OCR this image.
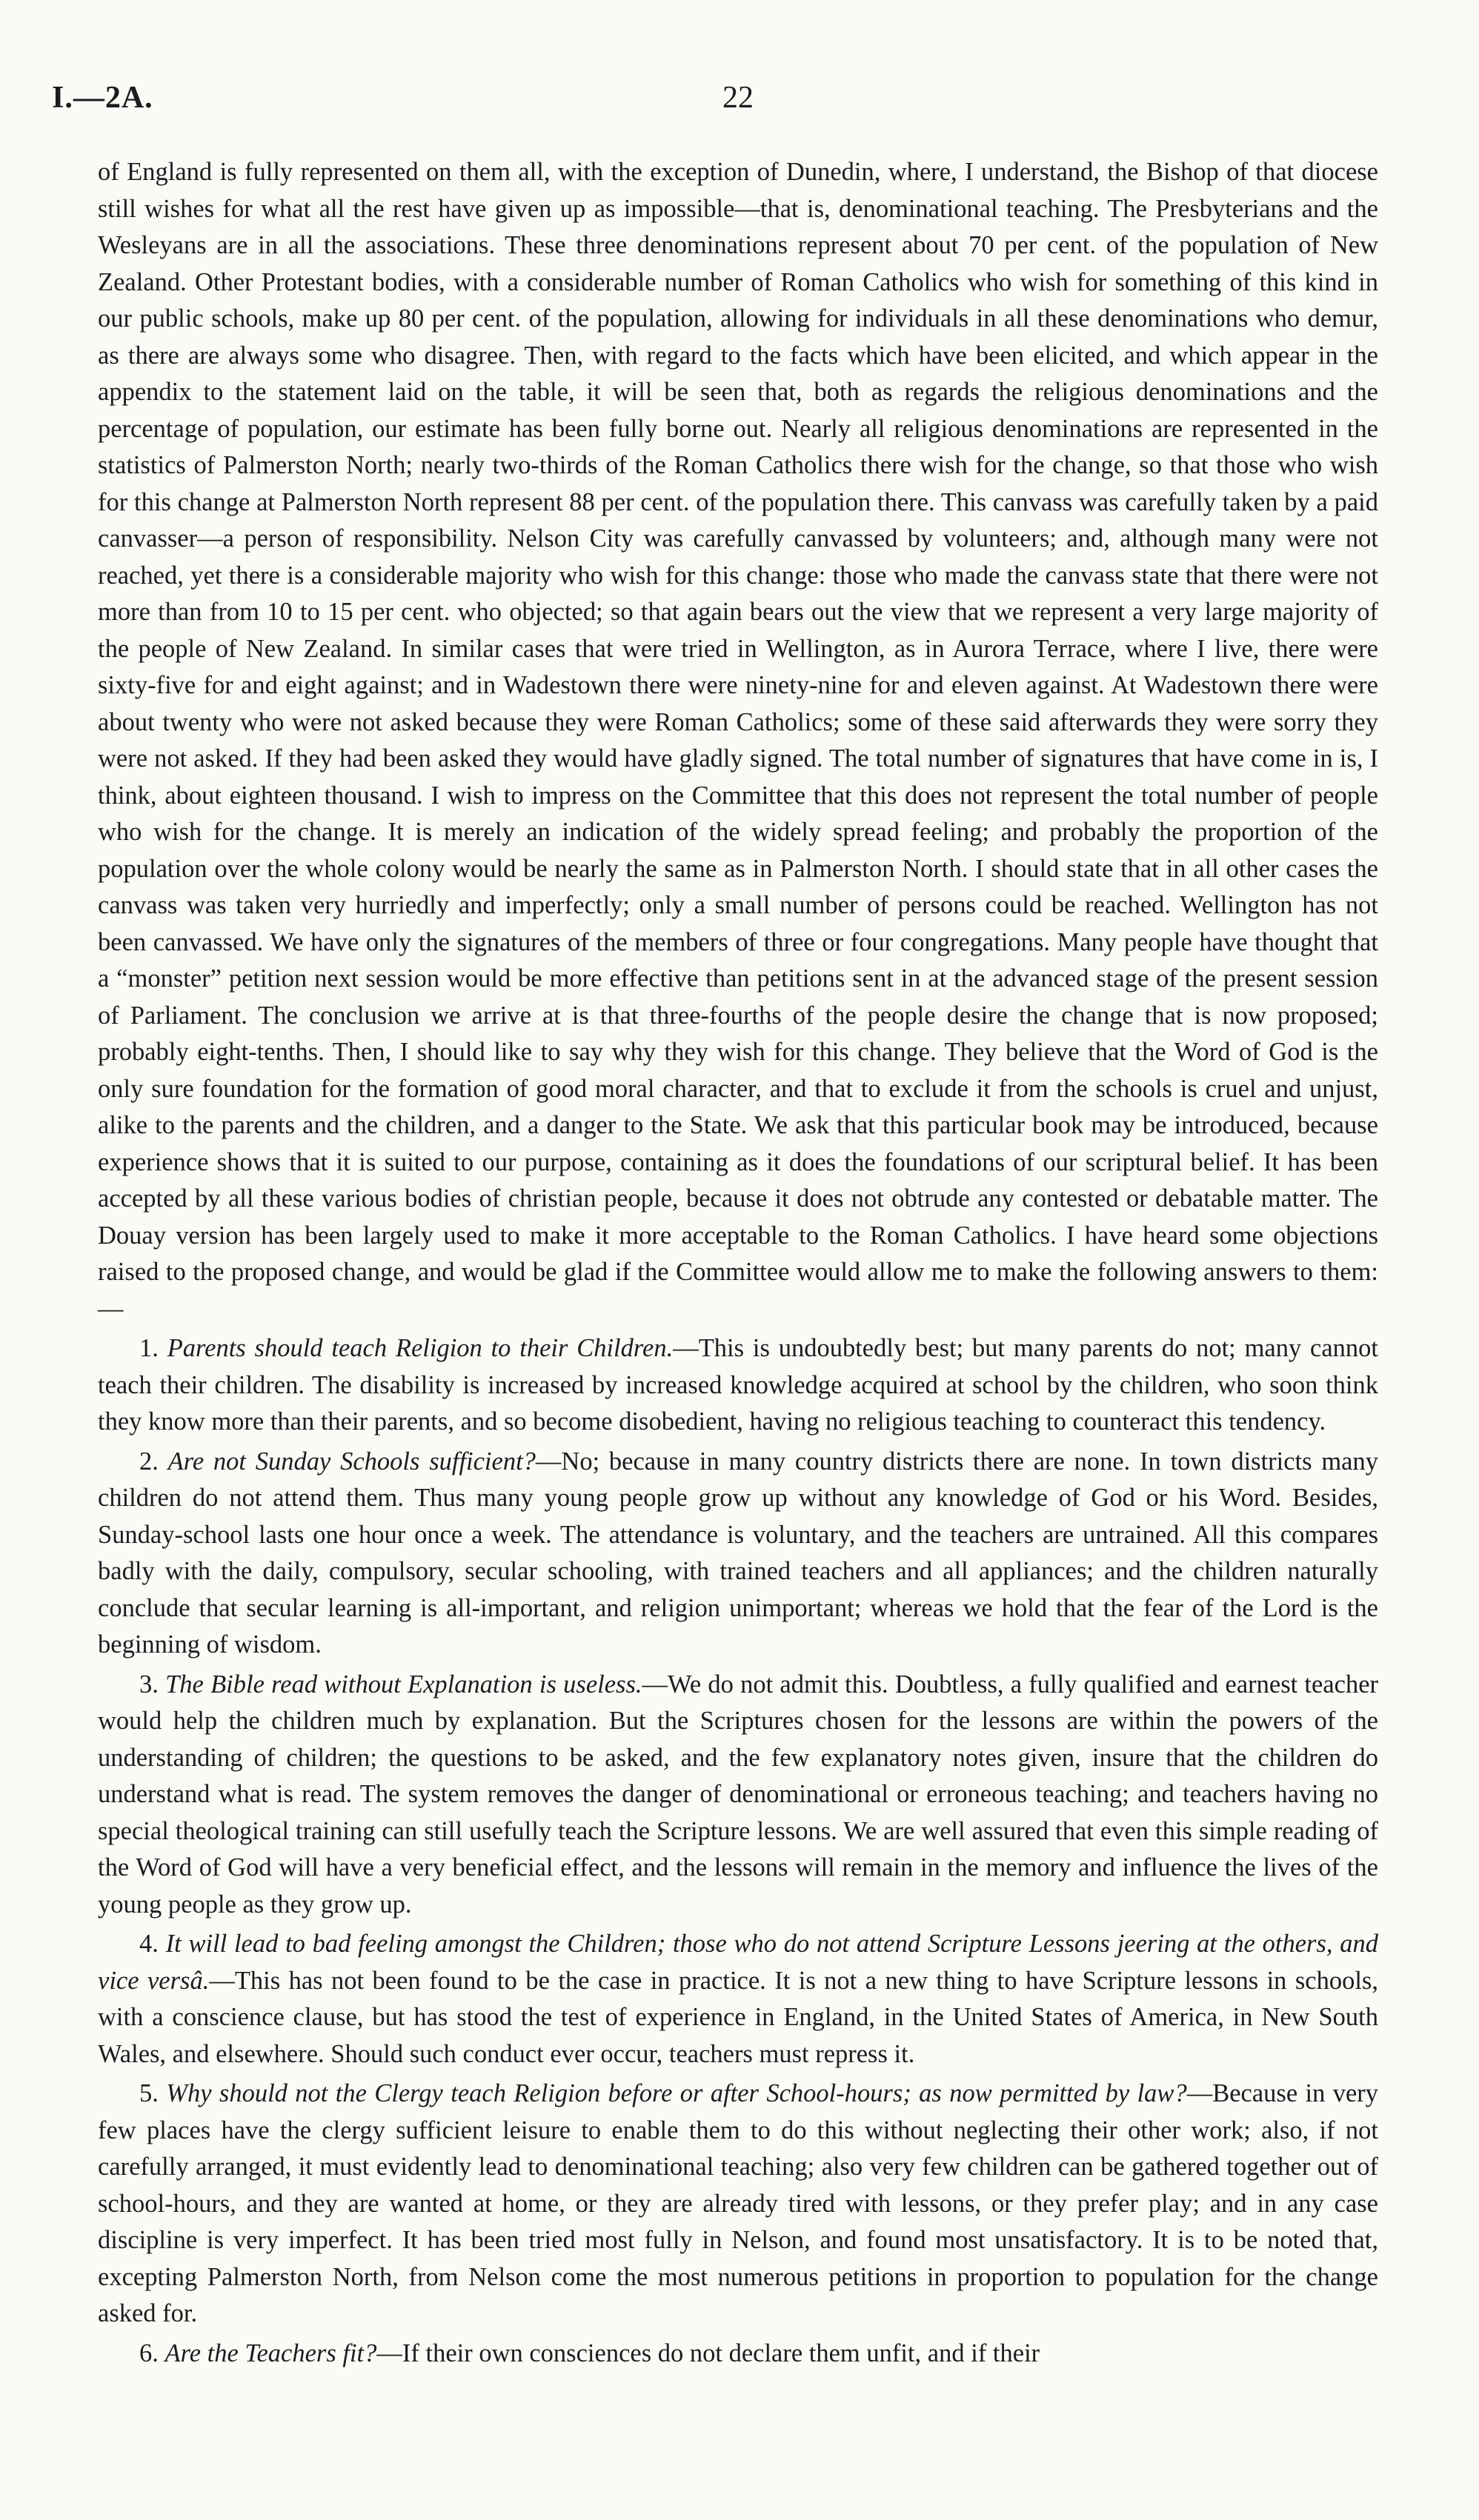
I.—2A.	22

of England is fully represented on them all, with the exception of Dunedin, where, I understand, the Bishop of that diocese still wishes for what all the rest have given up as impossible—that is, denominational teaching. The Presbyterians and the Wesleyans are in all the associations. These three denominations represent about 70 per cent. of the population of New Zealand. Other Protestant bodies, with a considerable number of Roman Catholics who wish for something of this kind in our public schools, make up 80 per cent. of the population, allowing for individuals in all these denominations who demur, as there are always some who disagree. Then, with regard to the facts which have been elicited, and which appear in the appendix to the statement laid on the table, it will be seen that, both as regards the religious denominations and the percentage of population, our estimate has been fully borne out. Nearly all religious denominations are represented in the statistics of Palmerston North; nearly two-thirds of the Roman Catholics there wish for the change, so that those who wish for this change at Palmerston North represent 88 per cent. of the population there. This canvass was carefully taken by a paid canvasser—a person of responsibility. Nelson City was carefully canvassed by volunteers; and, although many were not reached, yet there is a considerable majority who wish for this change: those who made the canvass state that there were not more than from 10 to 15 per cent. who objected; so that again bears out the view that we represent a very large majority of the people of New Zealand. In similar cases that were tried in Wellington, as in Aurora Terrace, where I live, there were sixty-five for and eight against; and in Wadestown there were ninety-nine for and eleven against. At Wadestown there were about twenty who were not asked because they were Roman Catholics; some of these said afterwards they were sorry they were not asked. If they had been asked they would have gladly signed. The total number of signatures that have come in is, I think, about eighteen thousand. I wish to impress on the Committee that this does not represent the total number of people who wish for the change. It is merely an indication of the widely spread feeling; and probably the proportion of the population over the whole colony would be nearly the same as in Palmerston North. I should state that in all other cases the canvass was taken very hurriedly and imperfectly; only a small number of persons could be reached. Wellington has not been canvassed. We have only the signatures of the members of three or four congregations. Many people have thought that a “monster” petition next session would be more effective than petitions sent in at the advanced stage of the present session of Parliament. The conclusion we arrive at is that three-fourths of the people desire the change that is now proposed; probably eight-tenths. Then, I should like to say why they wish for this change. They believe that the Word of God is the only sure foundation for the formation of good moral character, and that to exclude it from the schools is cruel and unjust, alike to the parents and the children, and a danger to the State. We ask that this particular book may be introduced, because experience shows that it is suited to our purpose, containing as it does the foundations of our scriptural belief. It has been accepted by all these various bodies of christian people, because it does not obtrude any contested or debatable matter. The Douay version has been largely used to make it more acceptable to the Roman Catholics. I have heard some objections raised to the proposed change, and would be glad if the Committee would allow me to make the following answers to them:—

1. Parents should teach Religion to their Children.—This is undoubtedly best; but many parents do not; many cannot teach their children. The disability is increased by increased knowledge acquired at school by the children, who soon think they know more than their parents, and so become disobedient, having no religious teaching to counteract this tendency.

2. Are not Sunday Schools sufficient?—No; because in many country districts there are none. In town districts many children do not attend them. Thus many young people grow up without any knowledge of God or his Word. Besides, Sunday-school lasts one hour once a week. The attendance is voluntary, and the teachers are untrained. All this compares badly with the daily, compulsory, secular schooling, with trained teachers and all appliances; and the children naturally conclude that secular learning is all-important, and religion unimportant; whereas we hold that the fear of the Lord is the beginning of wisdom.

3. The Bible read without Explanation is useless.—We do not admit this. Doubtless, a fully qualified and earnest teacher would help the children much by explanation. But the Scriptures chosen for the lessons are within the powers of the understanding of children; the questions to be asked, and the few explanatory notes given, insure that the children do understand what is read. The system removes the danger of denominational or erroneous teaching; and teachers having no special theological training can still usefully teach the Scripture lessons. We are well assured that even this simple reading of the Word of God will have a very beneficial effect, and the lessons will remain in the memory and influence the lives of the young people as they grow up.

4. It will lead to bad feeling amongst the Children; those who do not attend Scripture Lessons jeering at the others, and vice versâ.—This has not been found to be the case in practice. It is not a new thing to have Scripture lessons in schools, with a conscience clause, but has stood the test of experience in England, in the United States of America, in New South Wales, and elsewhere. Should such conduct ever occur, teachers must repress it.

5. Why should not the Clergy teach Religion before or after School-hours; as now permitted by law?—Because in very few places have the clergy sufficient leisure to enable them to do this without neglecting their other work; also, if not carefully arranged, it must evidently lead to denominational teaching; also very few children can be gathered together out of school-hours, and they are wanted at home, or they are already tired with lessons, or they prefer play; and in any case discipline is very imperfect. It has been tried most fully in Nelson, and found most unsatisfactory. It is to be noted that, excepting Palmerston North, from Nelson come the most numerous petitions in proportion to population for the change asked for.

6. Are the Teachers fit?—If their own consciences do not declare them unfit, and if their
